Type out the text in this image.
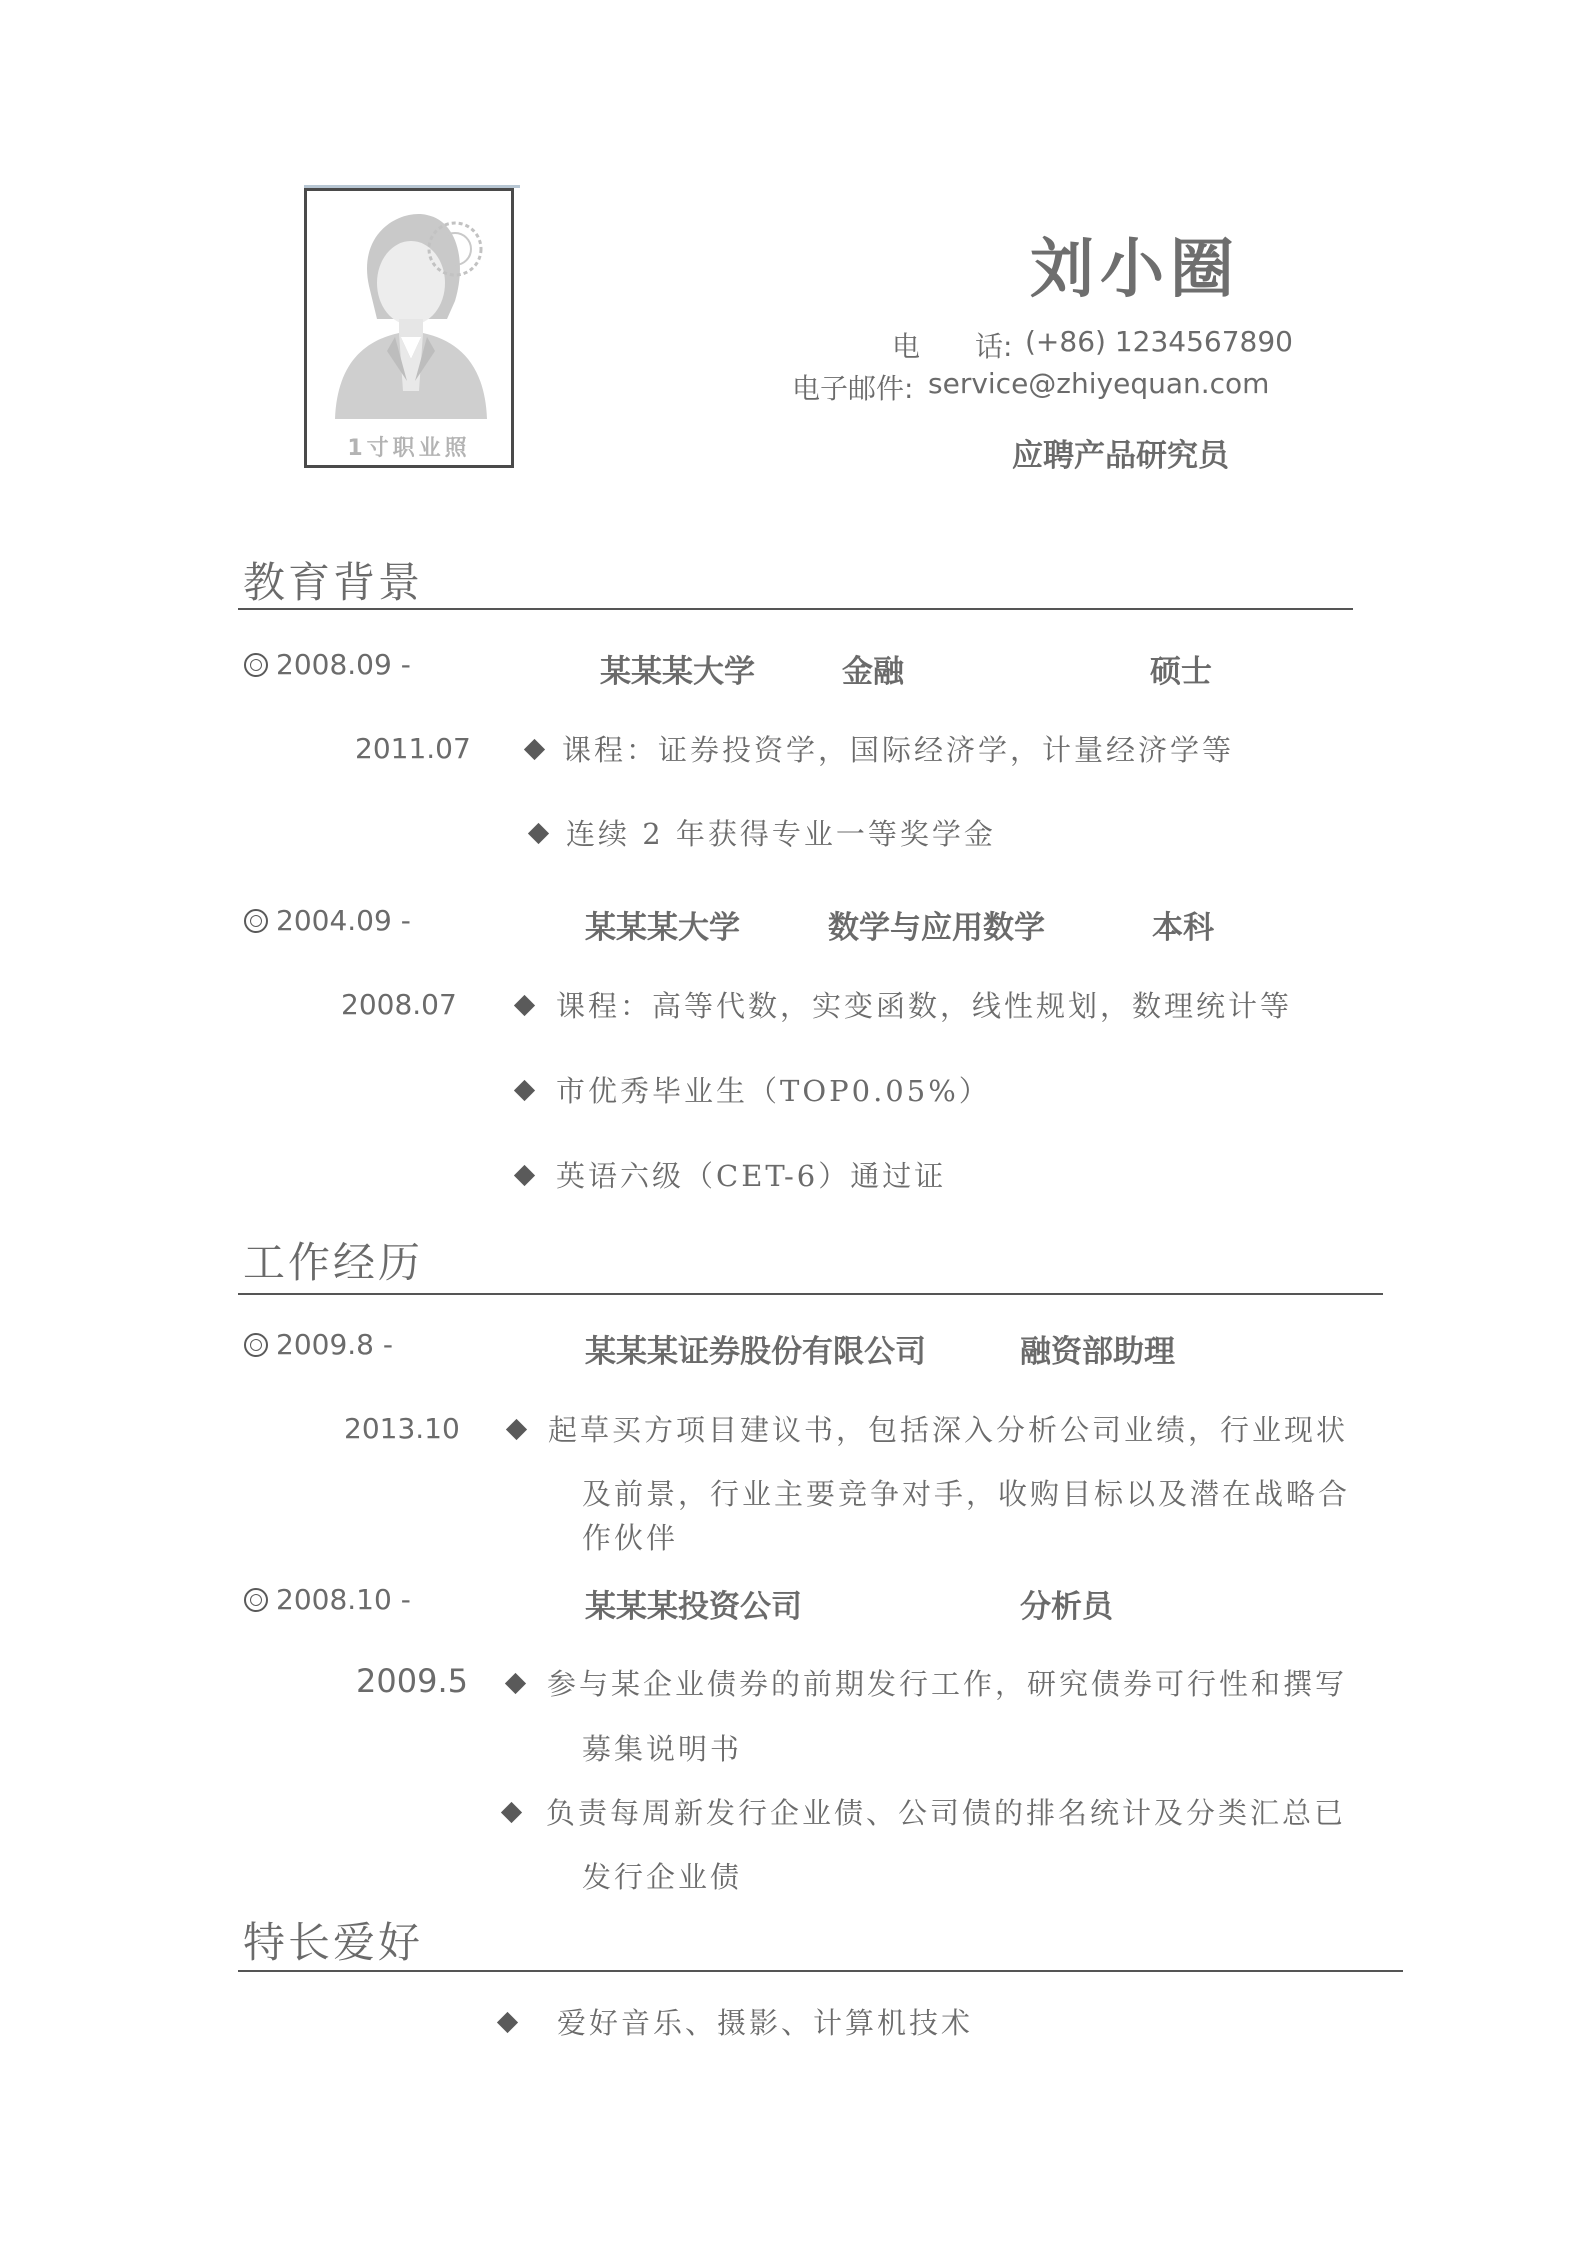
1寸职业照
刘小圈
电 话: (+86) 1234567890
电子邮件: service@zhiyequan.com
应聘产品研究员
教育背景
2008.09 -	某某某大学	金融	硕士
2011.07	课程：证券投资学，国际经济学，计量经济学等
连续 2 年获得专业一等奖学金
2004.09 -	某某某大学	数学与应用数学	本科
2008.07	课程：高等代数，实变函数，线性规划，数理统计等
市优秀毕业生（TOP0.05%）
英语六级（CET-6）通过证
工作经历
2009.8 -	某某某证券股份有限公司	融资部助理
2013.10	起草买方项目建议书，包括深入分析公司业绩，行业现状
及前景，行业主要竞争对手，收购目标以及潜在战略合
作伙伴
2008.10 -	某某某投资公司	分析员
2009.5	参与某企业债券的前期发行工作，研究债券可行性和撰写
募集说明书
负责每周新发行企业债、公司债的排名统计及分类汇总已
发行企业债
特长爱好
爱好音乐、摄影、计算机技术
